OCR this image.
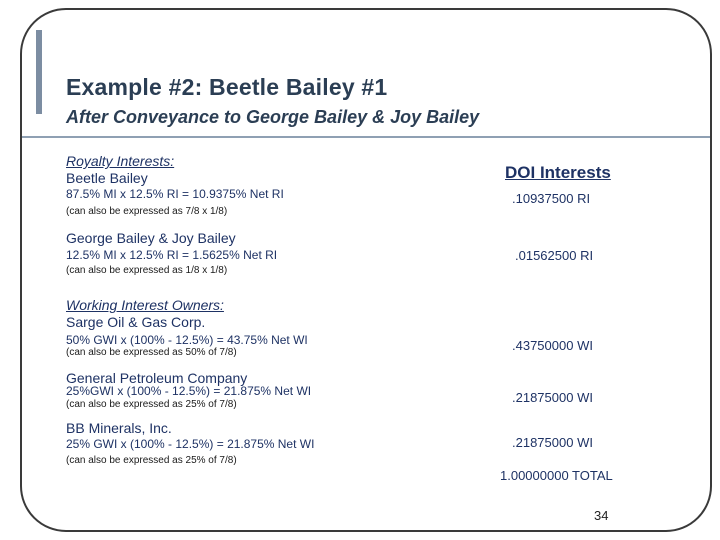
Example #2: Beetle Bailey #1
After Conveyance to George Bailey & Joy Bailey
Royalty Interests:
Beetle Bailey
87.5% MI x 12.5% RI = 10.9375% Net RI
(can also be expressed as 7/8 x 1/8)
George Bailey & Joy Bailey
12.5% MI x 12.5% RI = 1.5625% Net RI
(can also be expressed as 1/8 x 1/8)
Working Interest Owners:
Sarge Oil & Gas Corp.
50% GWI x (100% - 12.5%) = 43.75% Net WI
(can also be expressed as 50% of 7/8)
General Petroleum Company
25%GWI x (100% - 12.5%) = 21.875% Net WI
(can also be expressed as 25% of 7/8)
BB Minerals, Inc.
25% GWI x (100% - 12.5%) = 21.875% Net WI
(can also be expressed as 25% of 7/8)
DOI Interests
.10937500 RI
.01562500 RI
.43750000 WI
.21875000 WI
.21875000 WI
1.00000000 TOTAL
34
